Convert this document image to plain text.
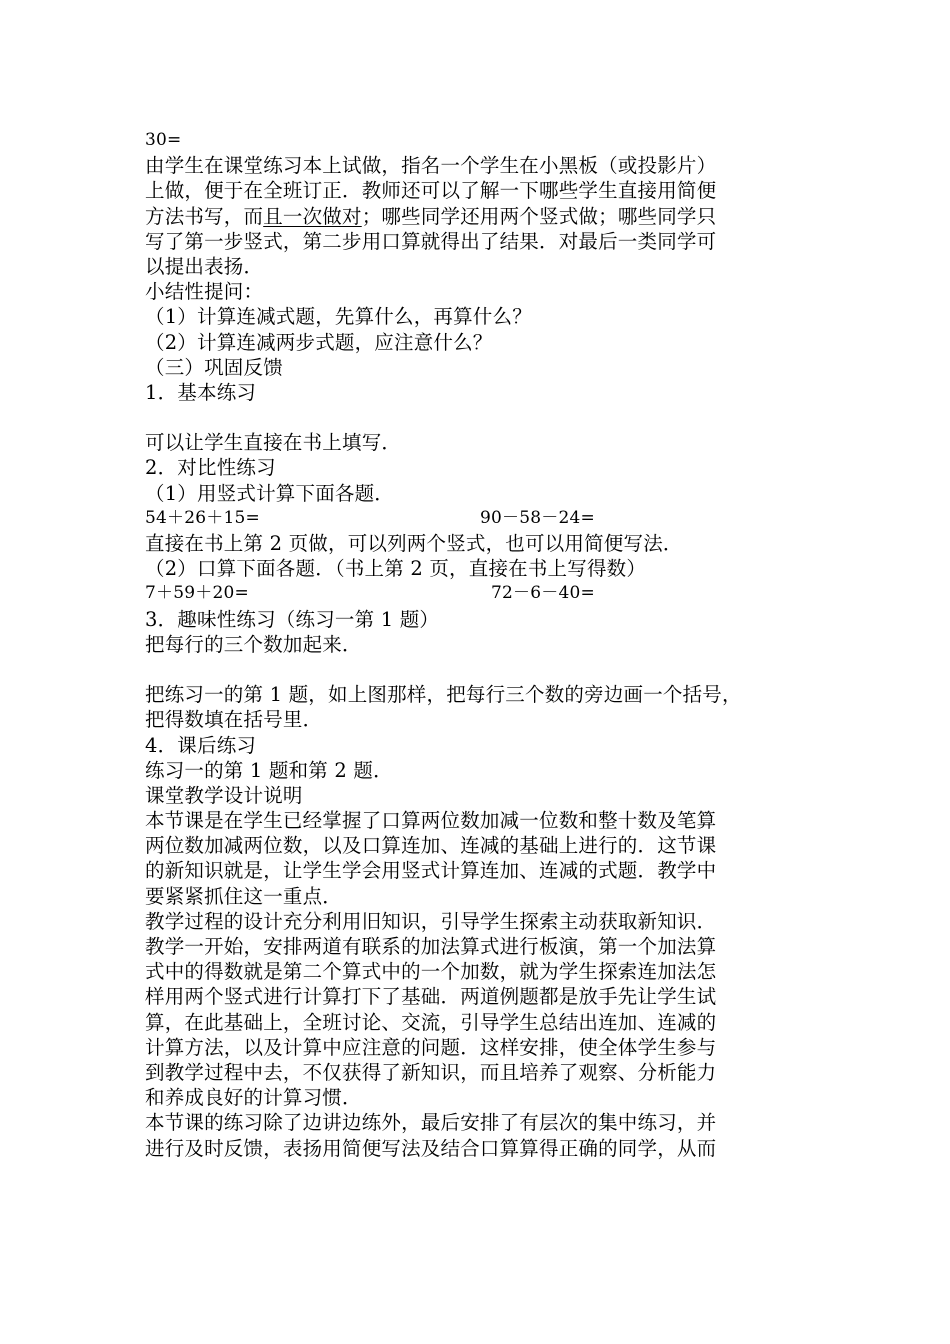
30=
由学生在课堂练习本上试做，指名一个学生在小黑板（或投影片）
上做，便于在全班订正．教师还可以了解一下哪些学生直接用简便
方法书写，而且一次做对；哪些同学还用两个竖式做；哪些同学只
写了第一步竖式，第二步用口算就得出了结果．对最后一类同学可
以提出表扬．
小结性提问：
（1）计算连减式题，先算什么，再算什么？
（2）计算连减两步式题，应注意什么？
（三）巩固反馈
1．基本练习
可以让学生直接在书上填写．
2．对比性练习
（1）用竖式计算下面各题．
54＋26＋15=	90－58－24=
直接在书上第 2 页做，可以列两个竖式，也可以用简便写法．
（2）口算下面各题．（书上第 2 页，直接在书上写得数）
7＋59＋20=	72－6－40=
3．趣味性练习（练习一第 1 题）
把每行的三个数加起来．
把练习一的第 1 题，如上图那样，把每行三个数的旁边画一个括号，
把得数填在括号里．
4．课后练习
练习一的第 1 题和第 2 题．
课堂教学设计说明
本节课是在学生已经掌握了口算两位数加减一位数和整十数及笔算
两位数加减两位数，以及口算连加、连减的基础上进行的．这节课
的新知识就是，让学生学会用竖式计算连加、连减的式题．教学中
要紧紧抓住这一重点．
教学过程的设计充分利用旧知识，引导学生探索主动获取新知识．
教学一开始，安排两道有联系的加法算式进行板演，第一个加法算
式中的得数就是第二个算式中的一个加数，就为学生探索连加法怎
样用两个竖式进行计算打下了基础．两道例题都是放手先让学生试
算，在此基础上，全班讨论、交流，引导学生总结出连加、连减的
计算方法，以及计算中应注意的问题．这样安排，使全体学生参与
到教学过程中去，不仅获得了新知识，而且培养了观察、分析能力
和养成良好的计算习惯．
本节课的练习除了边讲边练外，最后安排了有层次的集中练习，并
进行及时反馈，表扬用简便写法及结合口算算得正确的同学，从而
